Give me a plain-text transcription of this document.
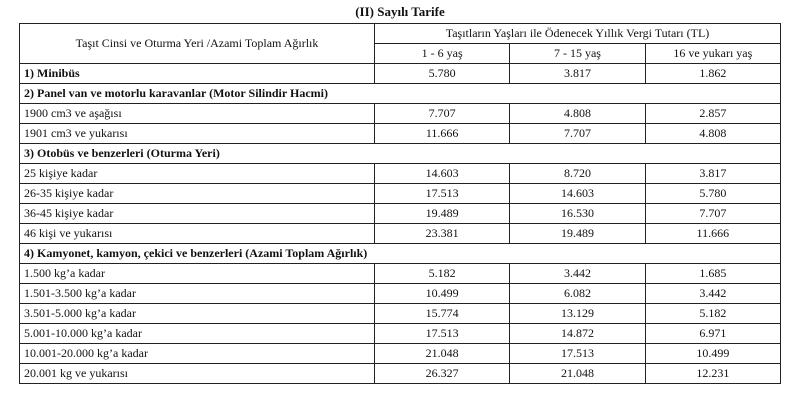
(II) Sayılı Tarife
Taşıt Cinsi ve Oturma Yeri /Azami Toplam Ağırlık	Taşıtların Yaşları ile Ödenecek Yıllık Vergi Tutarı (TL)		
	1 - 6 yaş	7 - 15 yaş	16 ve yukarı yaş
1) Minibüs	5.780	3.817	1.862
2) Panel van ve motorlu karavanlar (Motor Silindir Hacmi)			
1900 cm3 ve aşağısı	7.707	4.808	2.857
1901 cm3 ve yukarısı	11.666	7.707	4.808
3) Otobüs ve benzerleri (Oturma Yeri)			
25 kişiye kadar	14.603	8.720	3.817
26-35 kişiye kadar	17.513	14.603	5.780
36-45 kişiye kadar	19.489	16.530	7.707
46 kişi ve yukarısı	23.381	19.489	11.666
4) Kamyonet, kamyon, çekici ve benzerleri (Azami Toplam Ağırlık)			
1.500 kg’a kadar	5.182	3.442	1.685
1.501-3.500 kg’a kadar	10.499	6.082	3.442
3.501-5.000 kg’a kadar	15.774	13.129	5.182
5.001-10.000 kg’a kadar	17.513	14.872	6.971
10.001-20.000 kg’a kadar	21.048	17.513	10.499
20.001 kg ve yukarısı	26.327	21.048	12.231
